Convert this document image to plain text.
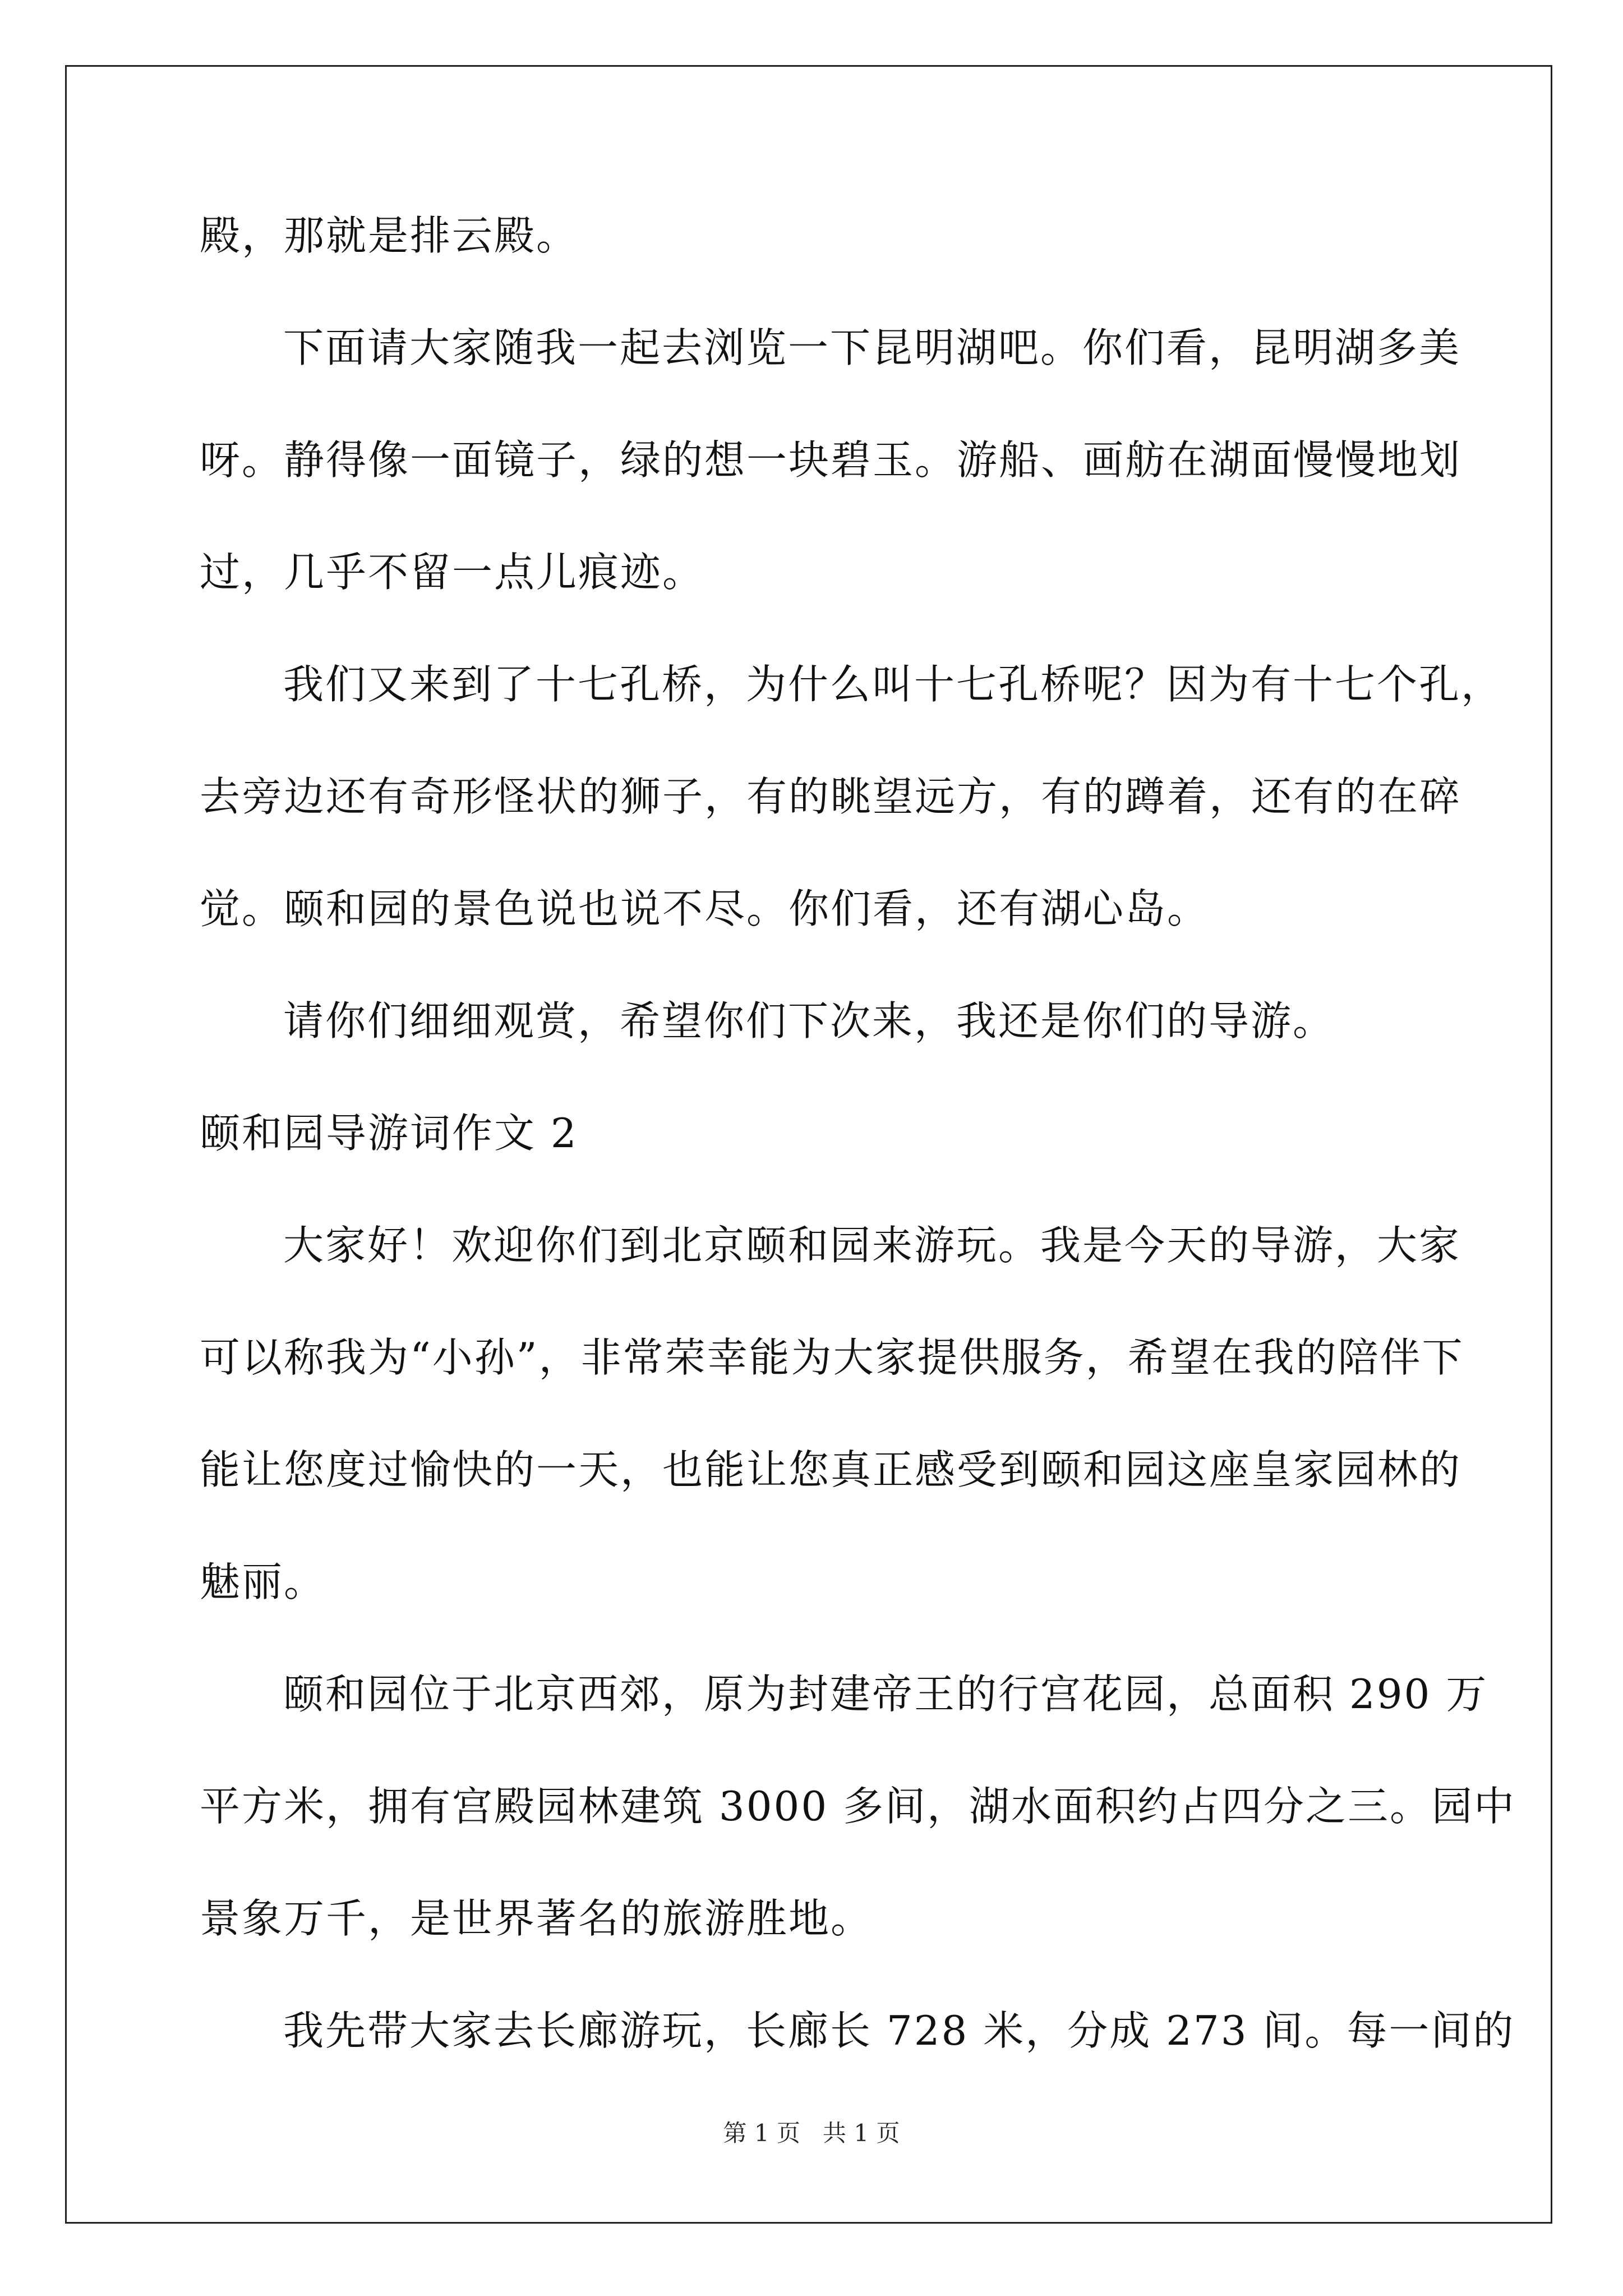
殿，那就是排云殿。

下面请大家随我一起去浏览一下昆明湖吧。你们看，昆明湖多美

呀。静得像一面镜子，绿的想一块碧玉。游船、画舫在湖面慢慢地划

过，几乎不留一点儿痕迹。

我们又来到了十七孔桥，为什么叫十七孔桥呢？因为有十七个孔，

去旁边还有奇形怪状的狮子，有的眺望远方，有的蹲着，还有的在碎

觉。颐和园的景色说也说不尽。你们看，还有湖心岛。

请你们细细观赏，希望你们下次来，我还是你们的导游。

颐和园导游词作文 2

大家好！欢迎你们到北京颐和园来游玩。我是今天的导游，大家

可以称我为“小孙”，非常荣幸能为大家提供服务，希望在我的陪伴下

能让您度过愉快的一天，也能让您真正感受到颐和园这座皇家园林的

魅丽。

颐和园位于北京西郊，原为封建帝王的行宫花园，总面积 290 万

平方米，拥有宫殿园林建筑 3000 多间，湖水面积约占四分之三。园中

景象万千，是世界著名的旅游胜地。

我先带大家去长廊游玩，长廊长 728 米，分成 273 间。每一间的

第 1 页   共 1 页
